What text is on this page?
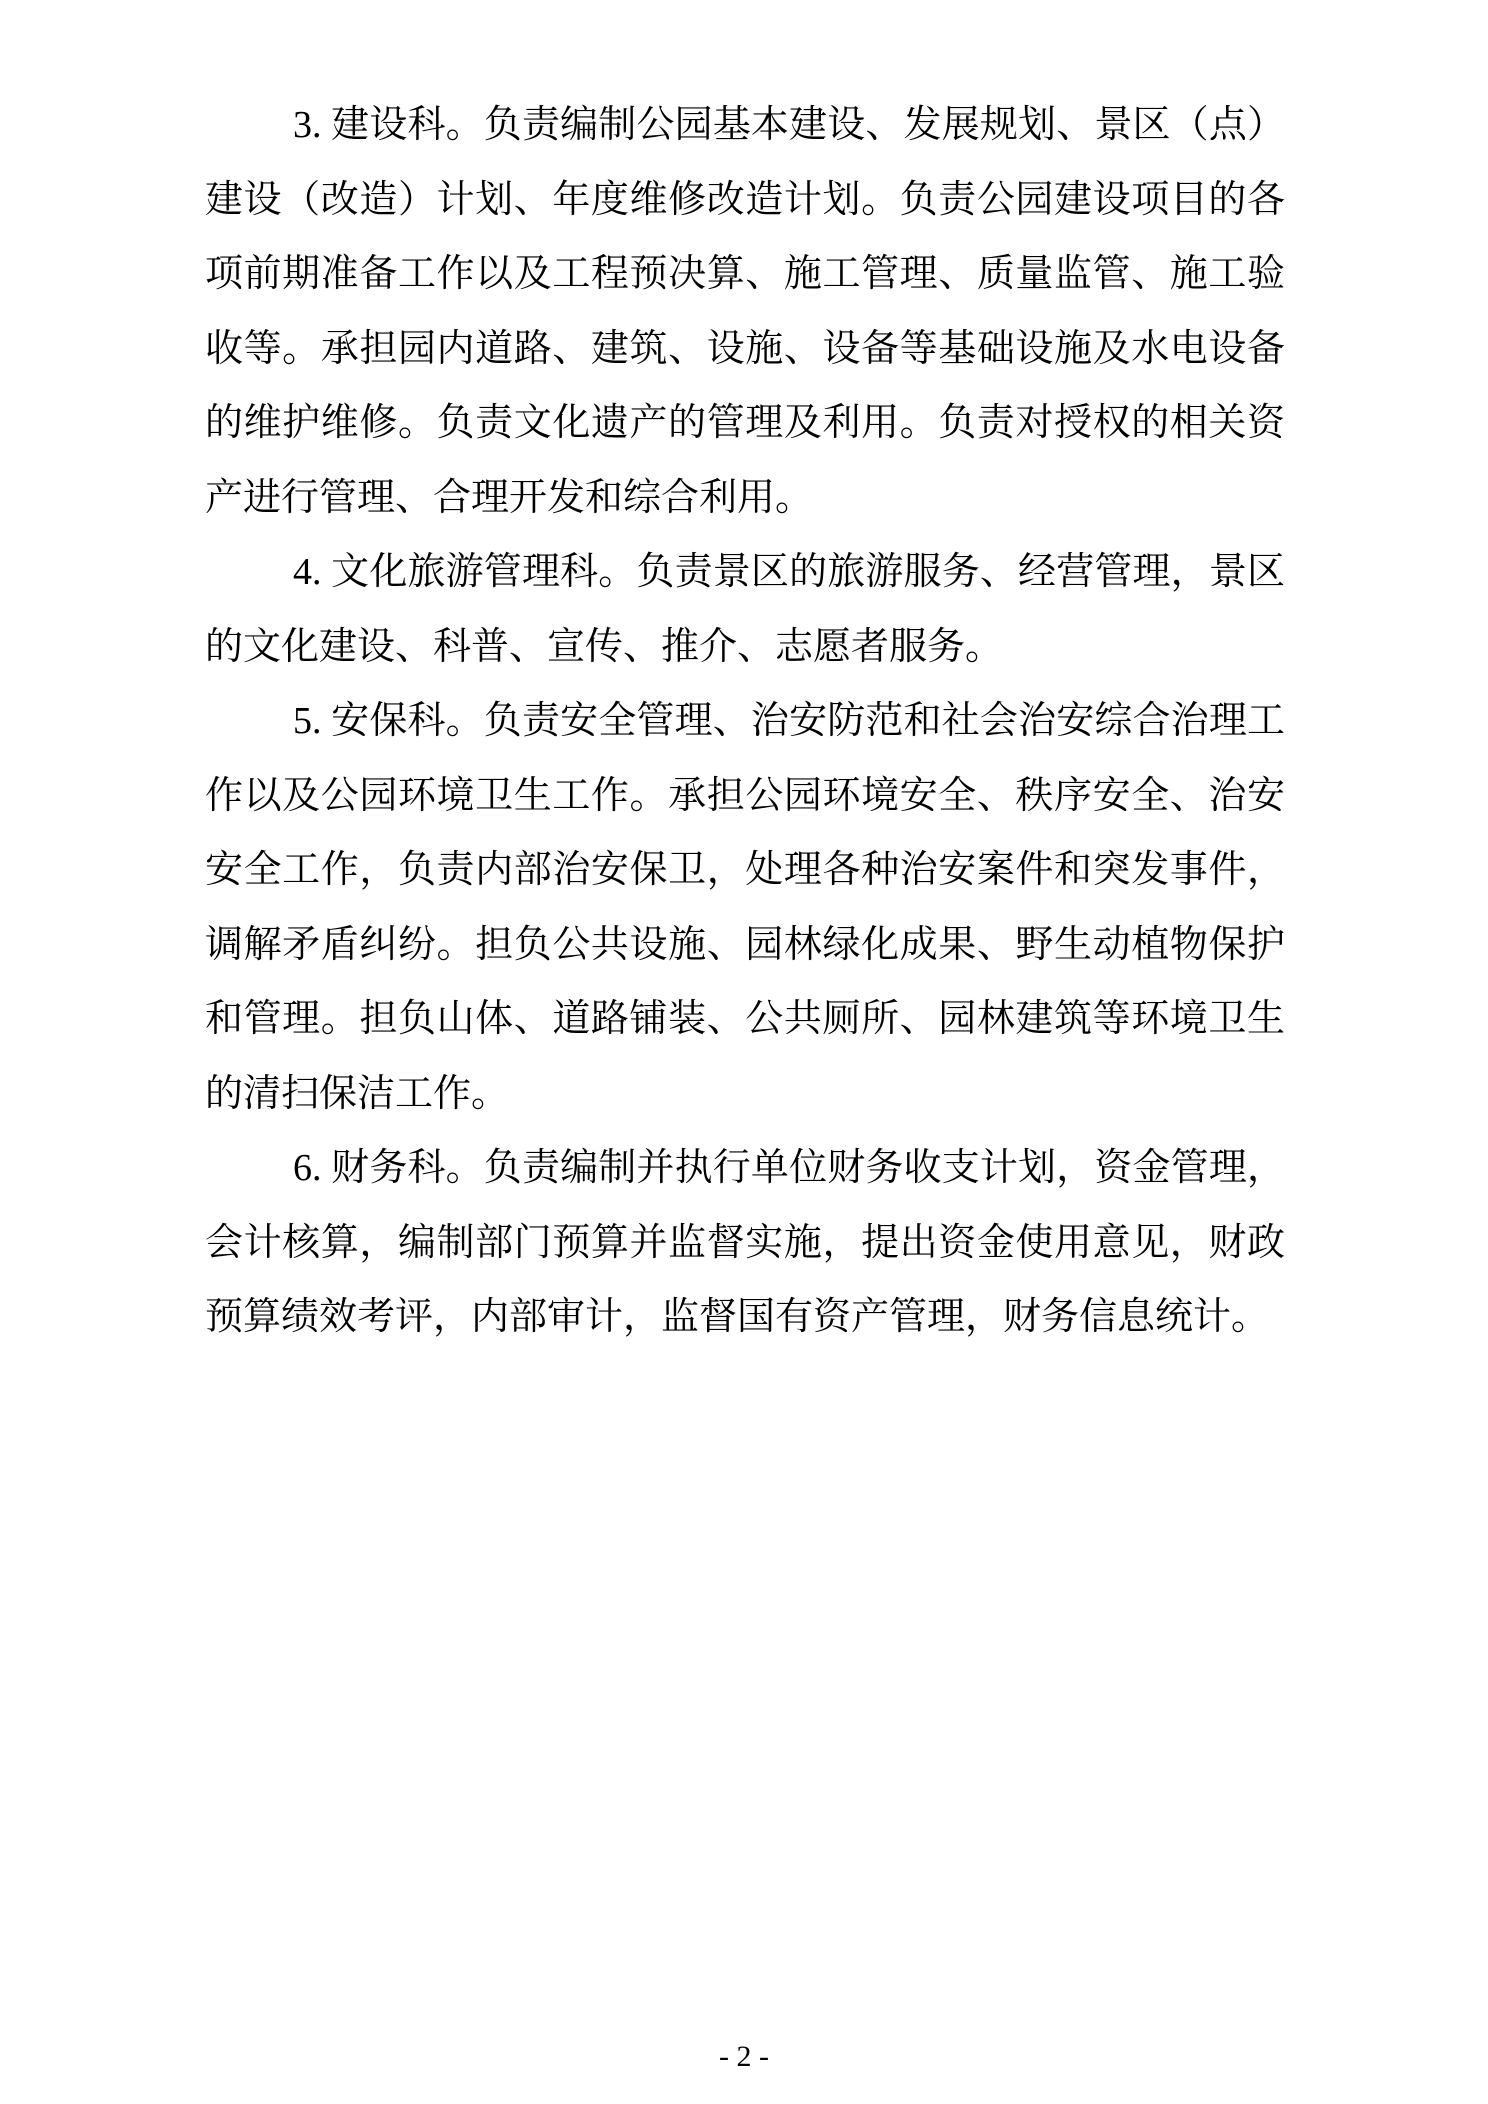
3. 建设科。负责编制公园基本建设、发展规划、景区（点）
建设（改造）计划、年度维修改造计划。负责公园建设项目的各
项前期准备工作以及工程预决算、施工管理、质量监管、施工验
收等。承担园内道路、建筑、设施、设备等基础设施及水电设备
的维护维修。负责文化遗产的管理及利用。负责对授权的相关资
产进行管理、合理开发和综合利用。
4. 文化旅游管理科。负责景区的旅游服务、经营管理，景区
的文化建设、科普、宣传、推介、志愿者服务。
5. 安保科。负责安全管理、治安防范和社会治安综合治理工
作以及公园环境卫生工作。承担公园环境安全、秩序安全、治安
安全工作，负责内部治安保卫，处理各种治安案件和突发事件，
调解矛盾纠纷。担负公共设施、园林绿化成果、野生动植物保护
和管理。担负山体、道路铺装、公共厕所、园林建筑等环境卫生
的清扫保洁工作。
6. 财务科。负责编制并执行单位财务收支计划，资金管理，
会计核算，编制部门预算并监督实施，提出资金使用意见，财政
预算绩效考评，内部审计，监督国有资产管理，财务信息统计。
- 2 -
